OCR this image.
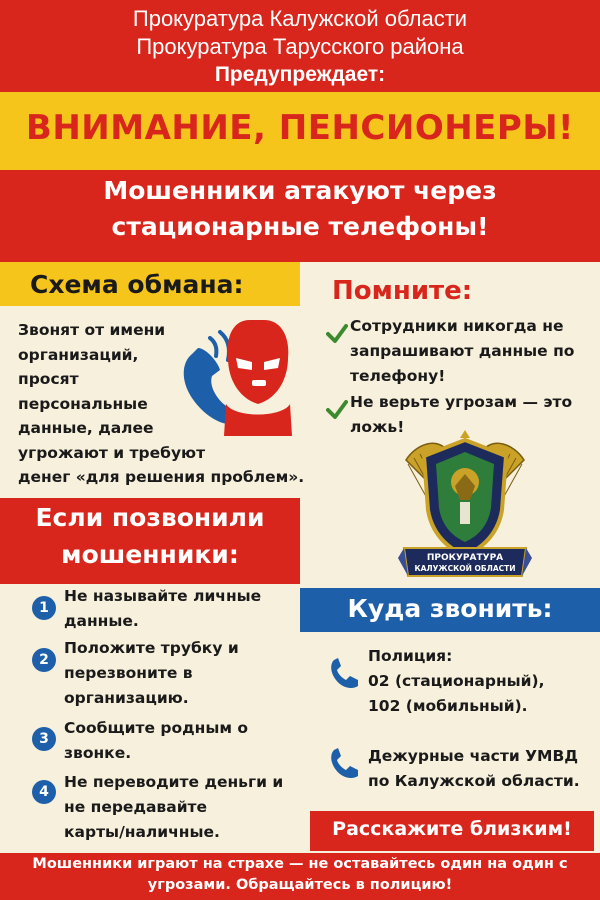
Прокуратура Калужской области
Прокуратура Тарусского района
Предупреждает:
ВНИМАНИЕ, ПЕНСИОНЕРЫ!
Мошенники атакуют через
стационарные телефоны!
Схема обмана:
Звонят от имени
организаций,
просят
персональные
данные, далее
угрожают и требуют
денег «для решения проблем».
Помните:
Сотрудники никогда не
запрашивают данные по
телефону!
Не верьте угрозам — это
ложь!
ПРОКУРАТУРА
КАЛУЖСКОЙ ОБЛАСТИ
Если позвонили
мошенники:
1
Не называйте личные
данные.
2
Положите трубку и
перезвоните в
организацию.
3
Сообщите родным о
звонке.
4
Не переводите деньги и
не передавайте
карты/наличные.
Куда звонить:
Полиция:
02 (стационарный),
102 (мобильный).
Дежурные части УМВД
по Калужской области.
Расскажите близким!
Мошенники играют на страхе — не оставайтесь один на один с
угрозами. Обращайтесь в полицию!
